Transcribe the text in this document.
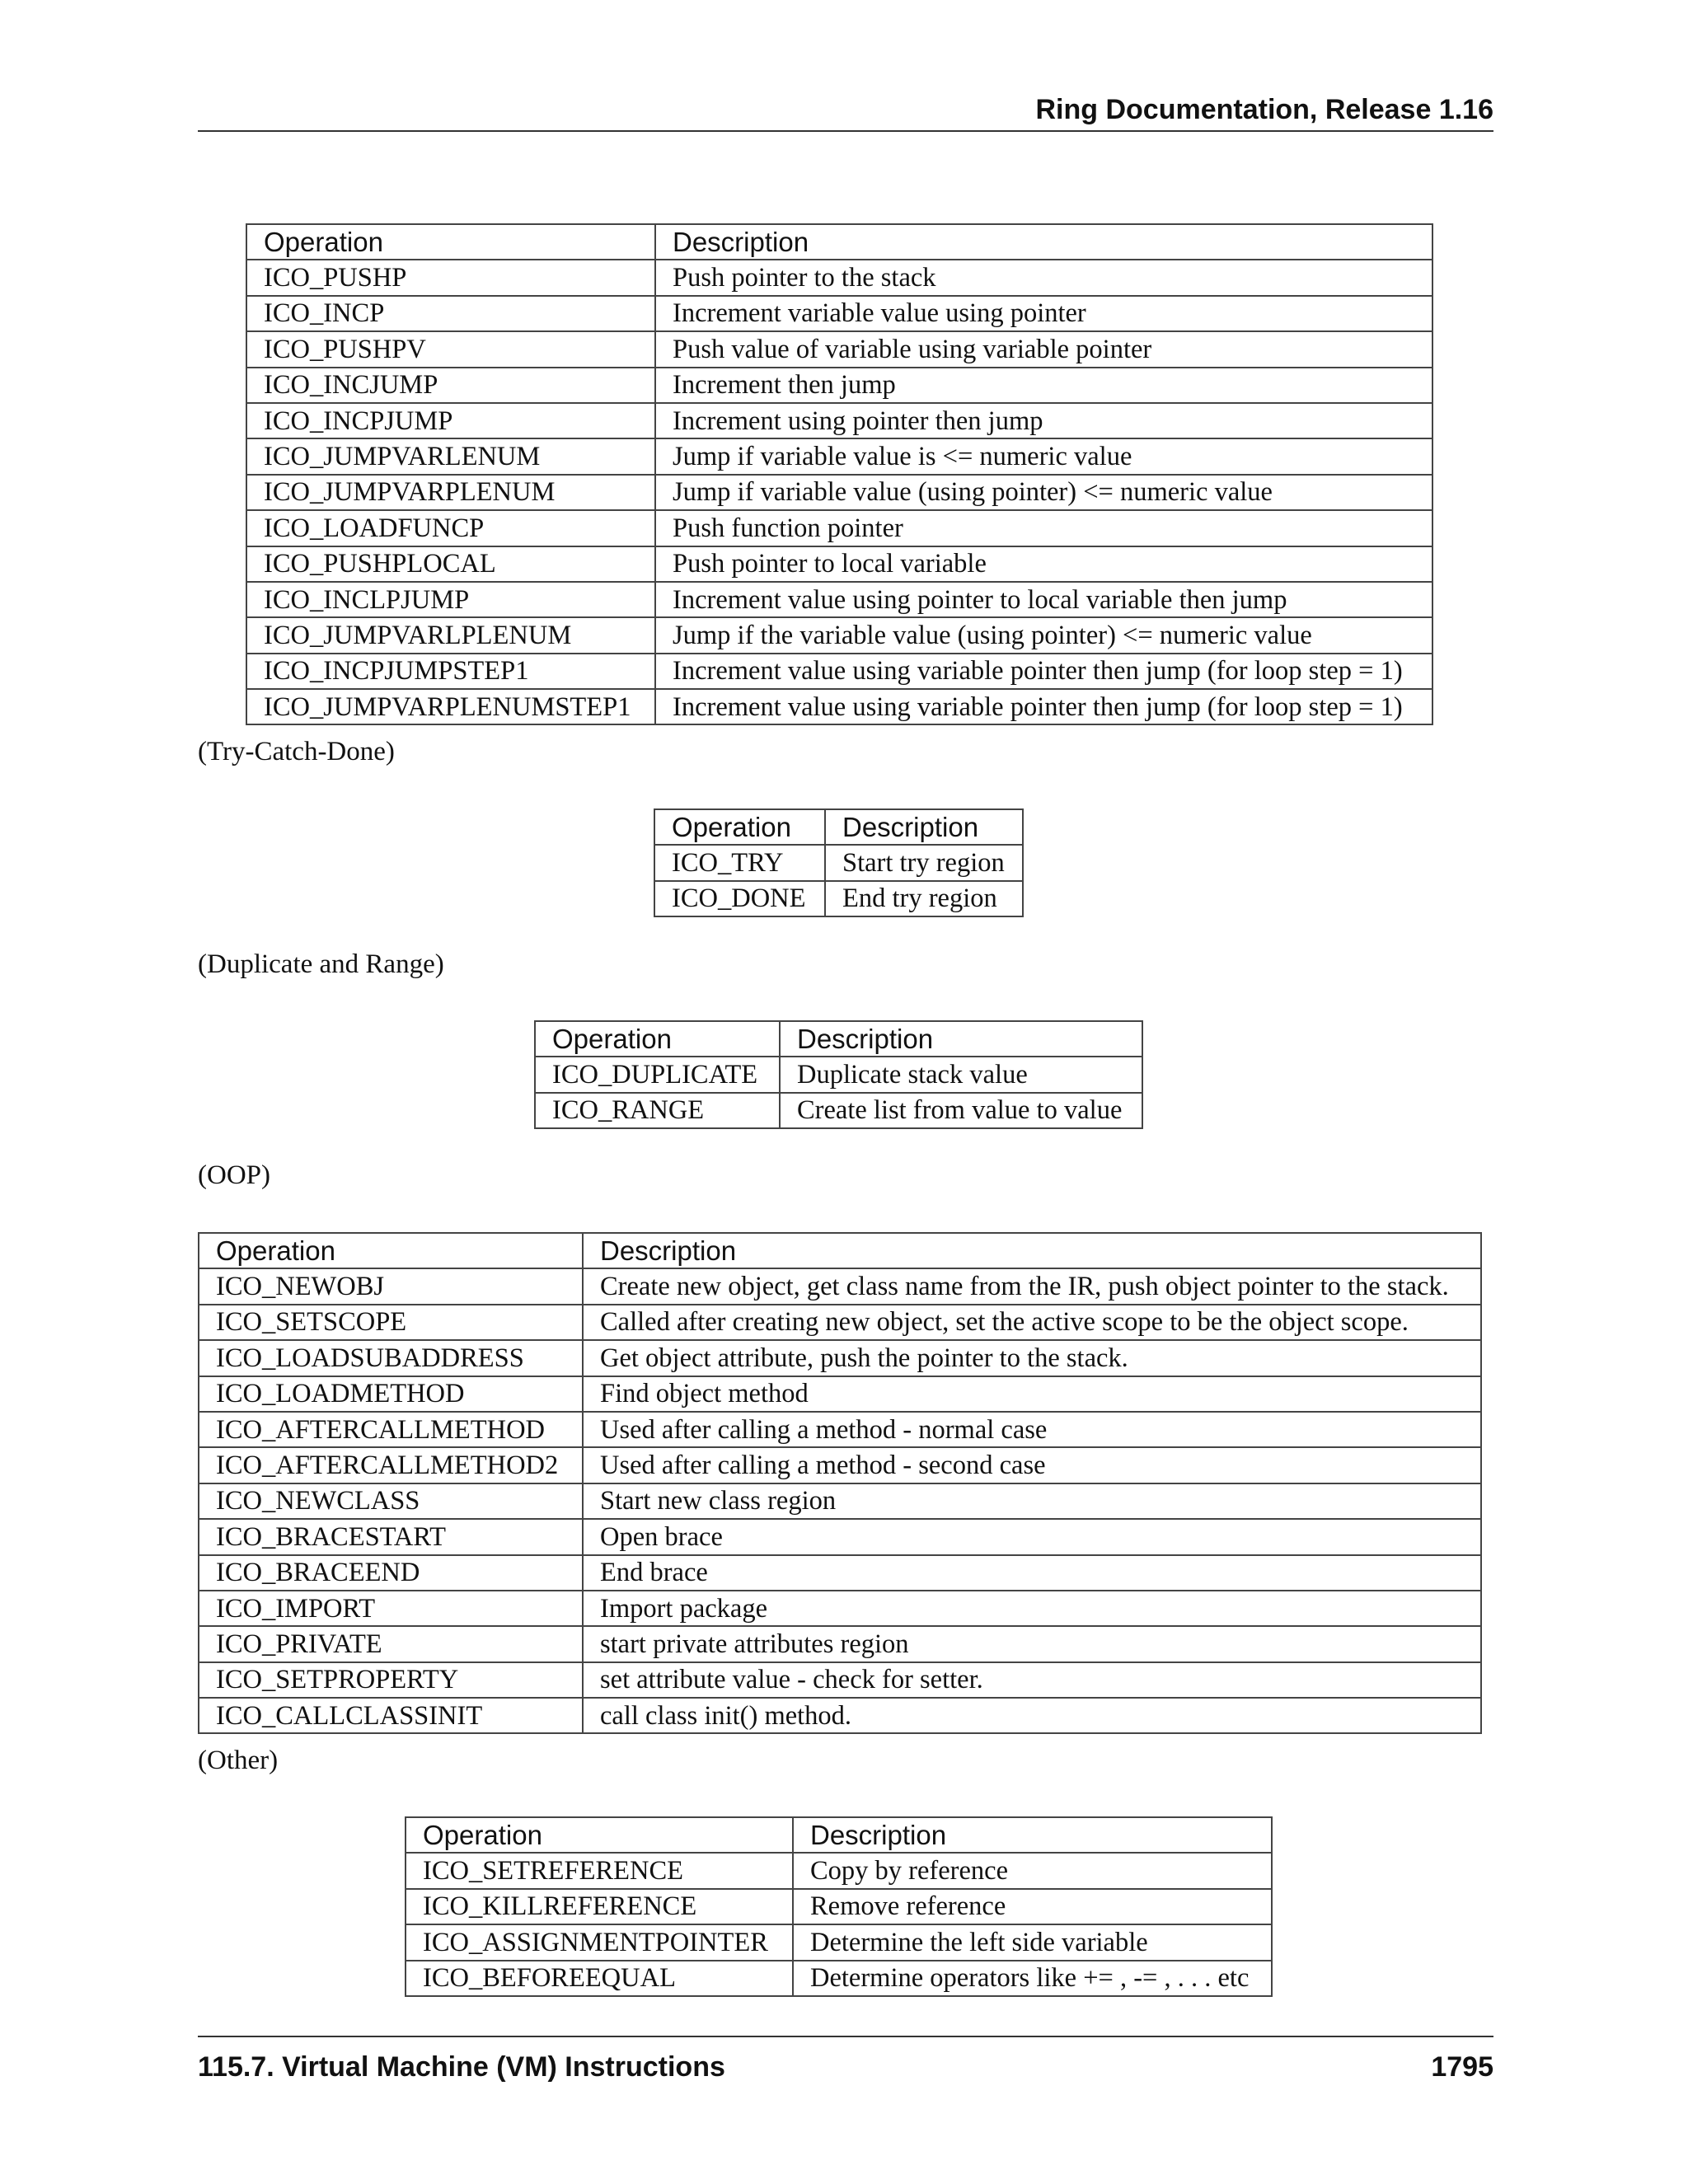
Ring Documentation, Release 1.16
Operation	Description
ICO_PUSHP	Push pointer to the stack
ICO_INCP	Increment variable value using pointer
ICO_PUSHPV	Push value of variable using variable pointer
ICO_INCJUMP	Increment then jump
ICO_INCPJUMP	Increment using pointer then jump
ICO_JUMPVARLENUM	Jump if variable value is <= numeric value
ICO_JUMPVARPLENUM	Jump if variable value (using pointer) <= numeric value
ICO_LOADFUNCP	Push function pointer
ICO_PUSHPLOCAL	Push pointer to local variable
ICO_INCLPJUMP	Increment value using pointer to local variable then jump
ICO_JUMPVARLPLENUM	Jump if the variable value (using pointer) <= numeric value
ICO_INCPJUMPSTEP1	Increment value using variable pointer then jump (for loop step = 1)
ICO_JUMPVARPLENUMSTEP1	Increment value using variable pointer then jump (for loop step = 1)
(Try-Catch-Done)
Operation	Description
ICO_TRY	Start try region
ICO_DONE	End try region
(Duplicate and Range)
Operation	Description
ICO_DUPLICATE	Duplicate stack value
ICO_RANGE	Create list from value to value
(OOP)
Operation	Description
ICO_NEWOBJ	Create new object, get class name from the IR, push object pointer to the stack.
ICO_SETSCOPE	Called after creating new object, set the active scope to be the object scope.
ICO_LOADSUBADDRESS	Get object attribute, push the pointer to the stack.
ICO_LOADMETHOD	Find object method
ICO_AFTERCALLMETHOD	Used after calling a method - normal case
ICO_AFTERCALLMETHOD2	Used after calling a method - second case
ICO_NEWCLASS	Start new class region
ICO_BRACESTART	Open brace
ICO_BRACEEND	End brace
ICO_IMPORT	Import package
ICO_PRIVATE	start private attributes region
ICO_SETPROPERTY	set attribute value - check for setter.
ICO_CALLCLASSINIT	call class init() method.
(Other)
Operation	Description
ICO_SETREFERENCE	Copy by reference
ICO_KILLREFERENCE	Remove reference
ICO_ASSIGNMENTPOINTER	Determine the left side variable
ICO_BEFOREEQUAL	Determine operators like += , -= , . . . etc
115.7. Virtual Machine (VM) Instructions	1795
